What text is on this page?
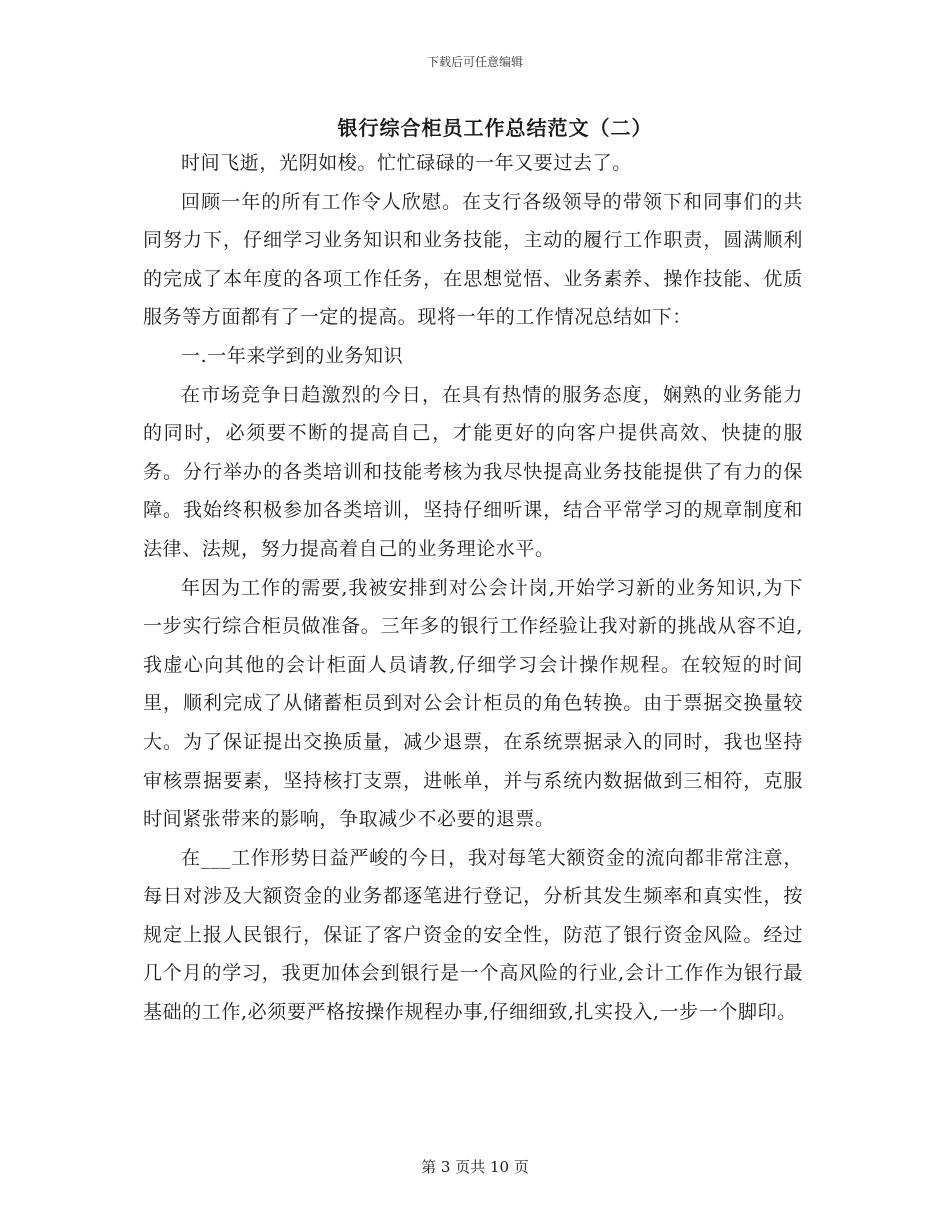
下载后可任意编辑
银行综合柜员工作总结范文（二）

时间飞逝，光阴如梭。忙忙碌碌的一年又要过去了。

回顾一年的所有工作令人欣慰。在支行各级领导的带领下和同事们的共同努力下，仔细学习业务知识和业务技能，主动的履行工作职责，圆满顺利的完成了本年度的各项工作任务，在思想觉悟、业务素养、操作技能、优质服务等方面都有了一定的提高。现将一年的工作情况总结如下：

一.一年来学到的业务知识

在市场竞争日趋激烈的今日，在具有热情的服务态度，娴熟的业务能力的同时，必须要不断的提高自己，才能更好的向客户提供高效、快捷的服务。分行举办的各类培训和技能考核为我尽快提高业务技能提供了有力的保障。我始终积极参加各类培训，坚持仔细听课，结合平常学习的规章制度和法律、法规，努力提高着自己的业务理论水平。

年因为工作的需要,我被安排到对公会计岗,开始学习新的业务知识,为下一步实行综合柜员做准备。三年多的银行工作经验让我对新的挑战从容不迫,我虚心向其他的会计柜面人员请教,仔细学习会计操作规程。在较短的时间里，顺利完成了从储蓄柜员到对公会计柜员的角色转换。由于票据交换量较大。为了保证提出交换质量，减少退票，在系统票据录入的同时，我也坚持审核票据要素，坚持核打支票，进帐单，并与系统内数据做到三相符，克服时间紧张带来的影响，争取减少不必要的退票。

在___工作形势日益严峻的今日，我对每笔大额资金的流向都非常注意，每日对涉及大额资金的业务都逐笔进行登记，分析其发生频率和真实性，按规定上报人民银行，保证了客户资金的安全性，防范了银行资金风险。经过几个月的学习，我更加体会到银行是一个高风险的行业,会计工作作为银行最基础的工作,必须要严格按操作规程办事,仔细细致,扎实投入,一步一个脚印。

第 3 页共 10 页
